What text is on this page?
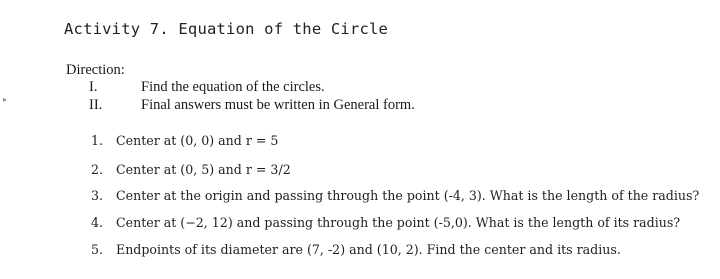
▸
Activity 7. Equation of the Circle
Direction:
I.	Find the equation of the circles.
II.	Final answers must be written in General form.
1. Center at (0, 0) and r = 5
2. Center at (0, 5) and r = 3/2
3. Center at the origin and passing through the point (-4, 3). What is the length of the radius?
4. Center at (−2, 12) and passing through the point (-5,0). What is the length of its radius?
5. Endpoints of its diameter are (7, -2) and (10, 2). Find the center and its radius.
